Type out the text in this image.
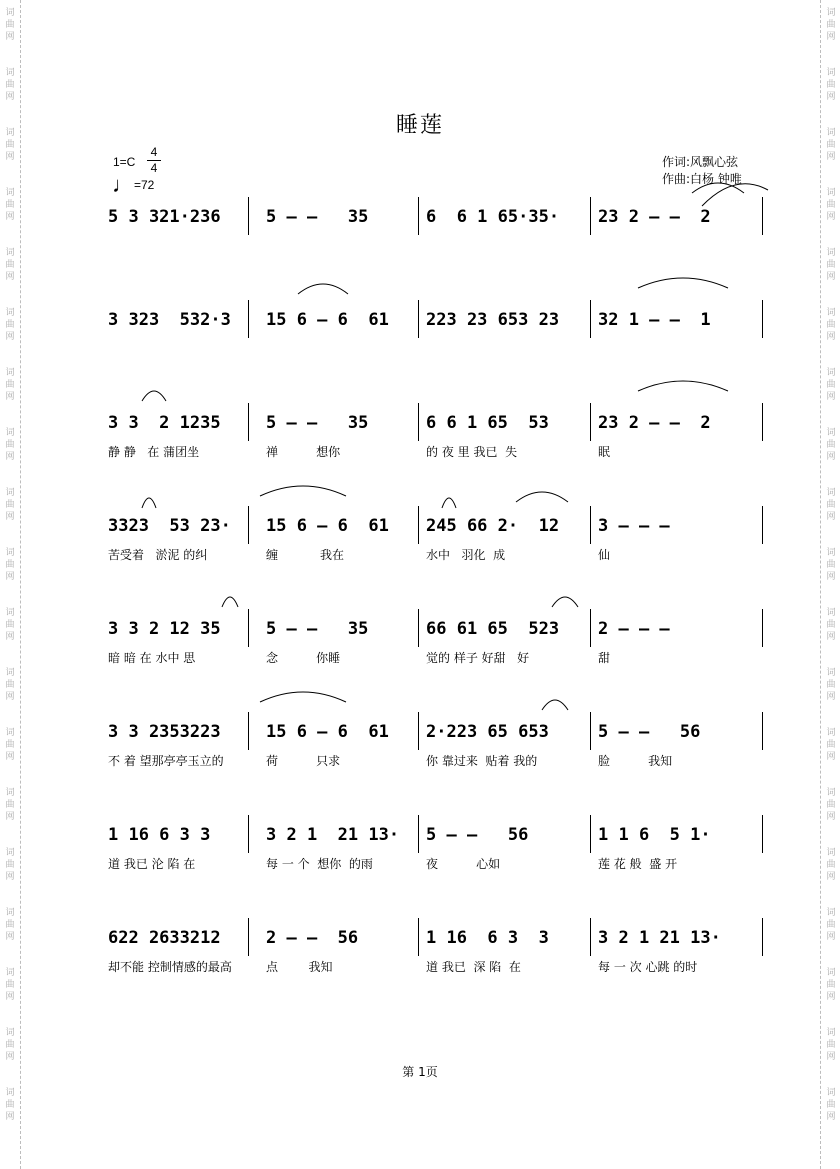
词
曲
网
词
曲
网
词
曲
网
词
曲
网
词
曲
网
词
曲
网
词
曲
网
词
曲
网
词
曲
网
词
曲
网
词
曲
网
词
曲
网
词
曲
网
词
曲
网
词
曲
网
词
曲
网
词
曲
网
词
曲
网
词
曲
网
词
曲
网
词
曲
网
词
曲
网
词
曲
网
词
曲
网
词
曲
网
词
曲
网
词
曲
网
词
曲
网
词
曲
网
词
曲
网
词
曲
网
词
曲
网
词
曲
网
词
曲
网
词
曲
网
词
曲
网
词
曲
网
词
曲
网
睡莲
1=C
4
4
♩=72
作词:风飘心弦
作曲:白杨 钟唯
5 3 321·236	5 – –   35	6  6 1 65·35· 23 2 – –  2
3 323  532·3 15 6 – 6  61 223 23 653 23 32 1 – –  1
3 3  2 1235
静 静   在 蒲团坐
5 – –   35
禅          想你
6 6 1 65  53
的 夜 里 我已  失
23 2 – –  2
眠
3323  53 23·
苦受着   淤泥 的纠
15 6 – 6  61
缠           我在
245 66 2·  12
水中   羽化  成
3 – – –
仙
3 3 2 12 35
暗 暗 在 水中 思
5 – –   35
念          你睡
66 61 65  523
觉的 样子 好甜   好
2 – – –
甜
3 3 2353223
不 着 望那亭亭玉立的
15 6 – 6  61
荷          只求
2·223 65 653
你 靠过来  贴着 我的
5 – –   56
脸          我知
1 16 6 3 3
道 我已 沦 陷 在
3 2 1  21 13·
每 一 个  想你  的雨
5 – –   56
夜          心如
1 1 6  5 1·
莲 花 般  盛 开
622 2633212
却不能 控制情感的最高
2 – –  56
点        我知
1 16  6 3  3
道 我已  深 陷  在
3 2 1 21 13·
每 一 次 心跳 的时
第 1页
